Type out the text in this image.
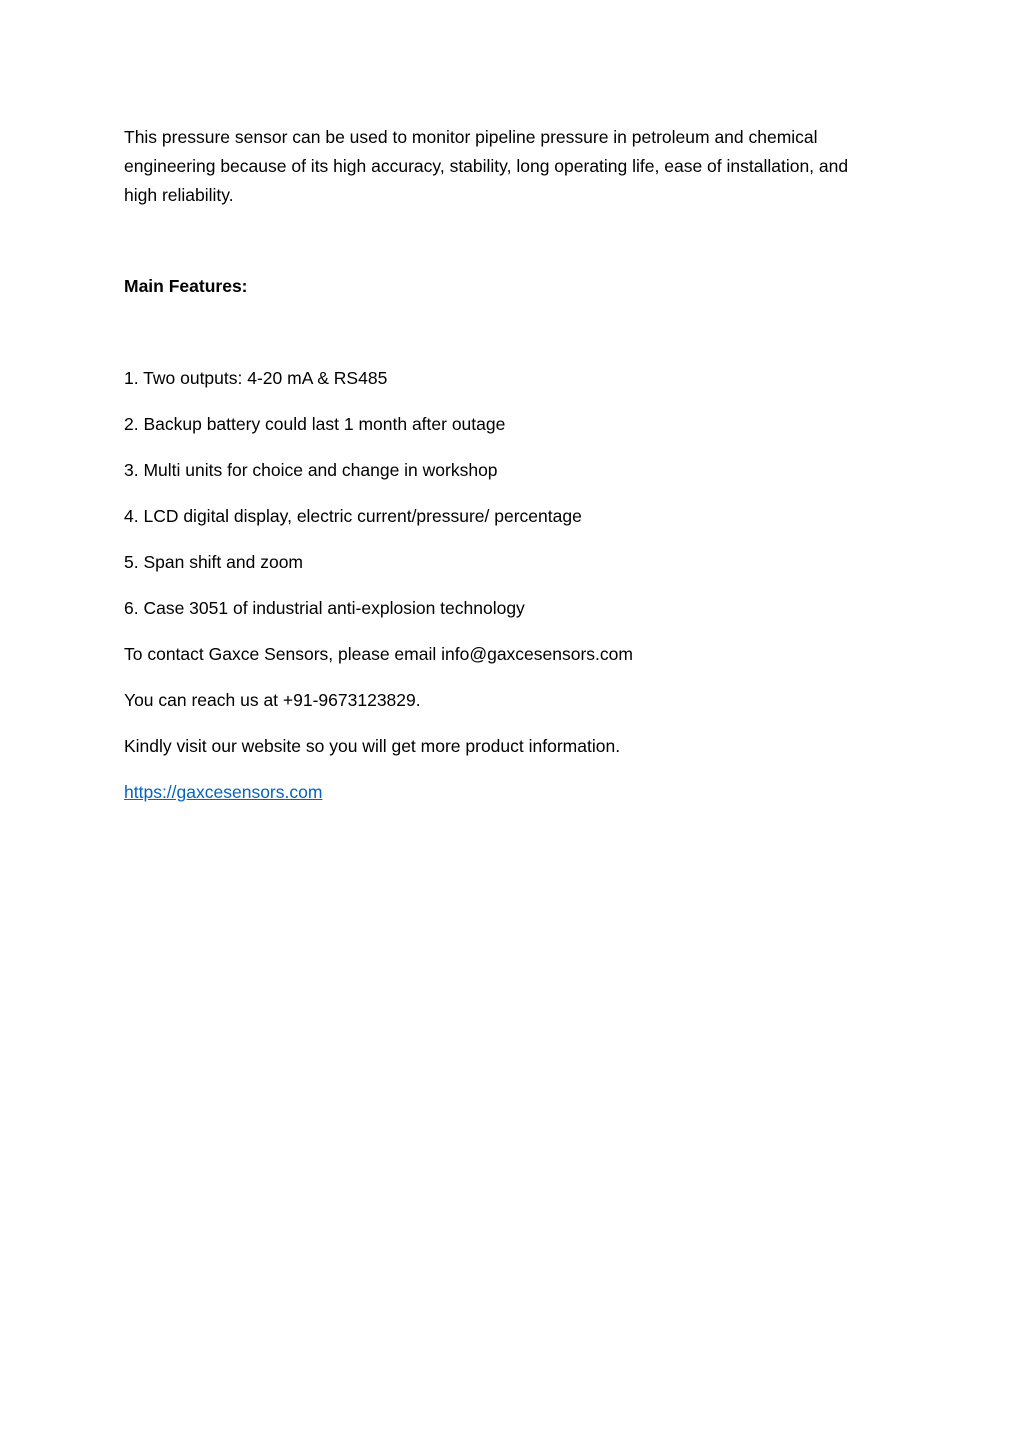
This pressure sensor can be used to monitor pipeline pressure in petroleum and chemical engineering because of its high accuracy, stability, long operating life, ease of installation, and high reliability.

Main Features:

1. Two outputs: 4-20 mA & RS485
2. Backup battery could last 1 month after outage
3. Multi units for choice and change in workshop
4. LCD digital display, electric current/pressure/ percentage
5. Span shift and zoom
6. Case 3051 of industrial anti-explosion technology

To contact Gaxce Sensors, please email info@gaxcesensors.com

You can reach us at +91-9673123829.

Kindly visit our website so you will get more product information.

https://gaxcesensors.com
